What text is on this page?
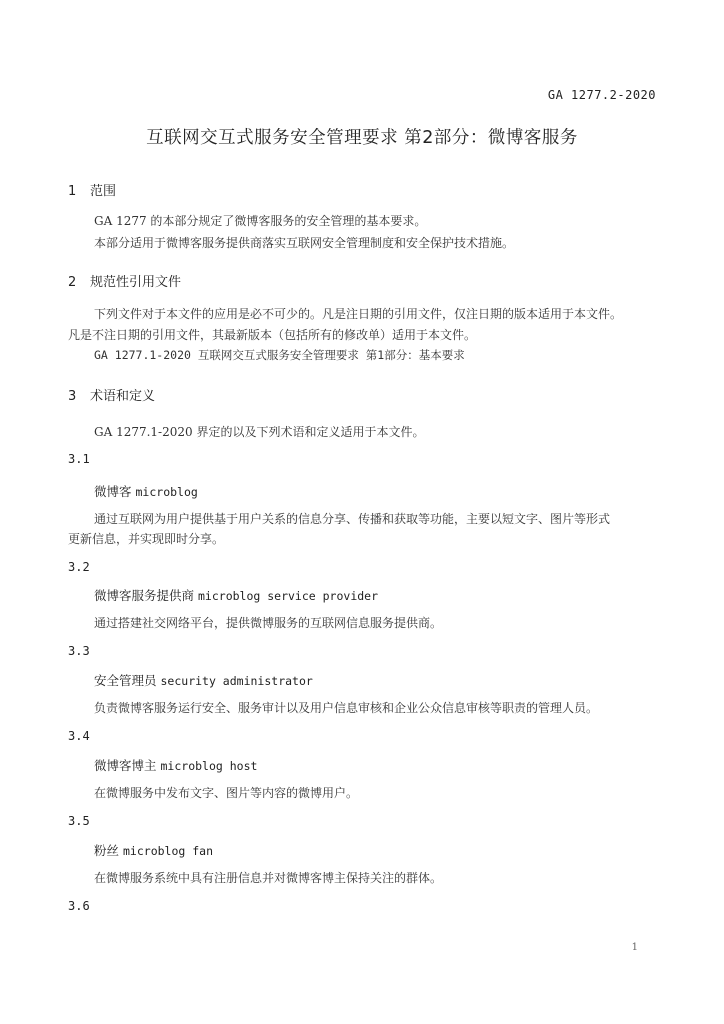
GA 1277.2-2020
互联网交互式服务安全管理要求 第2部分：微博客服务
1 范围
GA 1277 的本部分规定了微博客服务的安全管理的基本要求。
本部分适用于微博客服务提供商落实互联网安全管理制度和安全保护技术措施。
2 规范性引用文件
下列文件对于本文件的应用是必不可少的。凡是注日期的引用文件，仅注日期的版本适用于本文件。
凡是不注日期的引用文件，其最新版本（包括所有的修改单）适用于本文件。
GA 1277.1-2020 互联网交互式服务安全管理要求 第1部分：基本要求
3 术语和定义
GA 1277.1-2020 界定的以及下列术语和定义适用于本文件。
3.1
微博客 microblog
通过互联网为用户提供基于用户关系的信息分享、传播和获取等功能，主要以短文字、图片等形式
更新信息，并实现即时分享。
3.2
微博客服务提供商 microblog service provider
通过搭建社交网络平台，提供微博服务的互联网信息服务提供商。
3.3
安全管理员 security administrator
负责微博客服务运行安全、服务审计以及用户信息审核和企业公众信息审核等职责的管理人员。
3.4
微博客博主 microblog host
在微博服务中发布文字、图片等内容的微博用户。
3.5
粉丝 microblog fan
在微博服务系统中具有注册信息并对微博客博主保持关注的群体。
3.6
1
